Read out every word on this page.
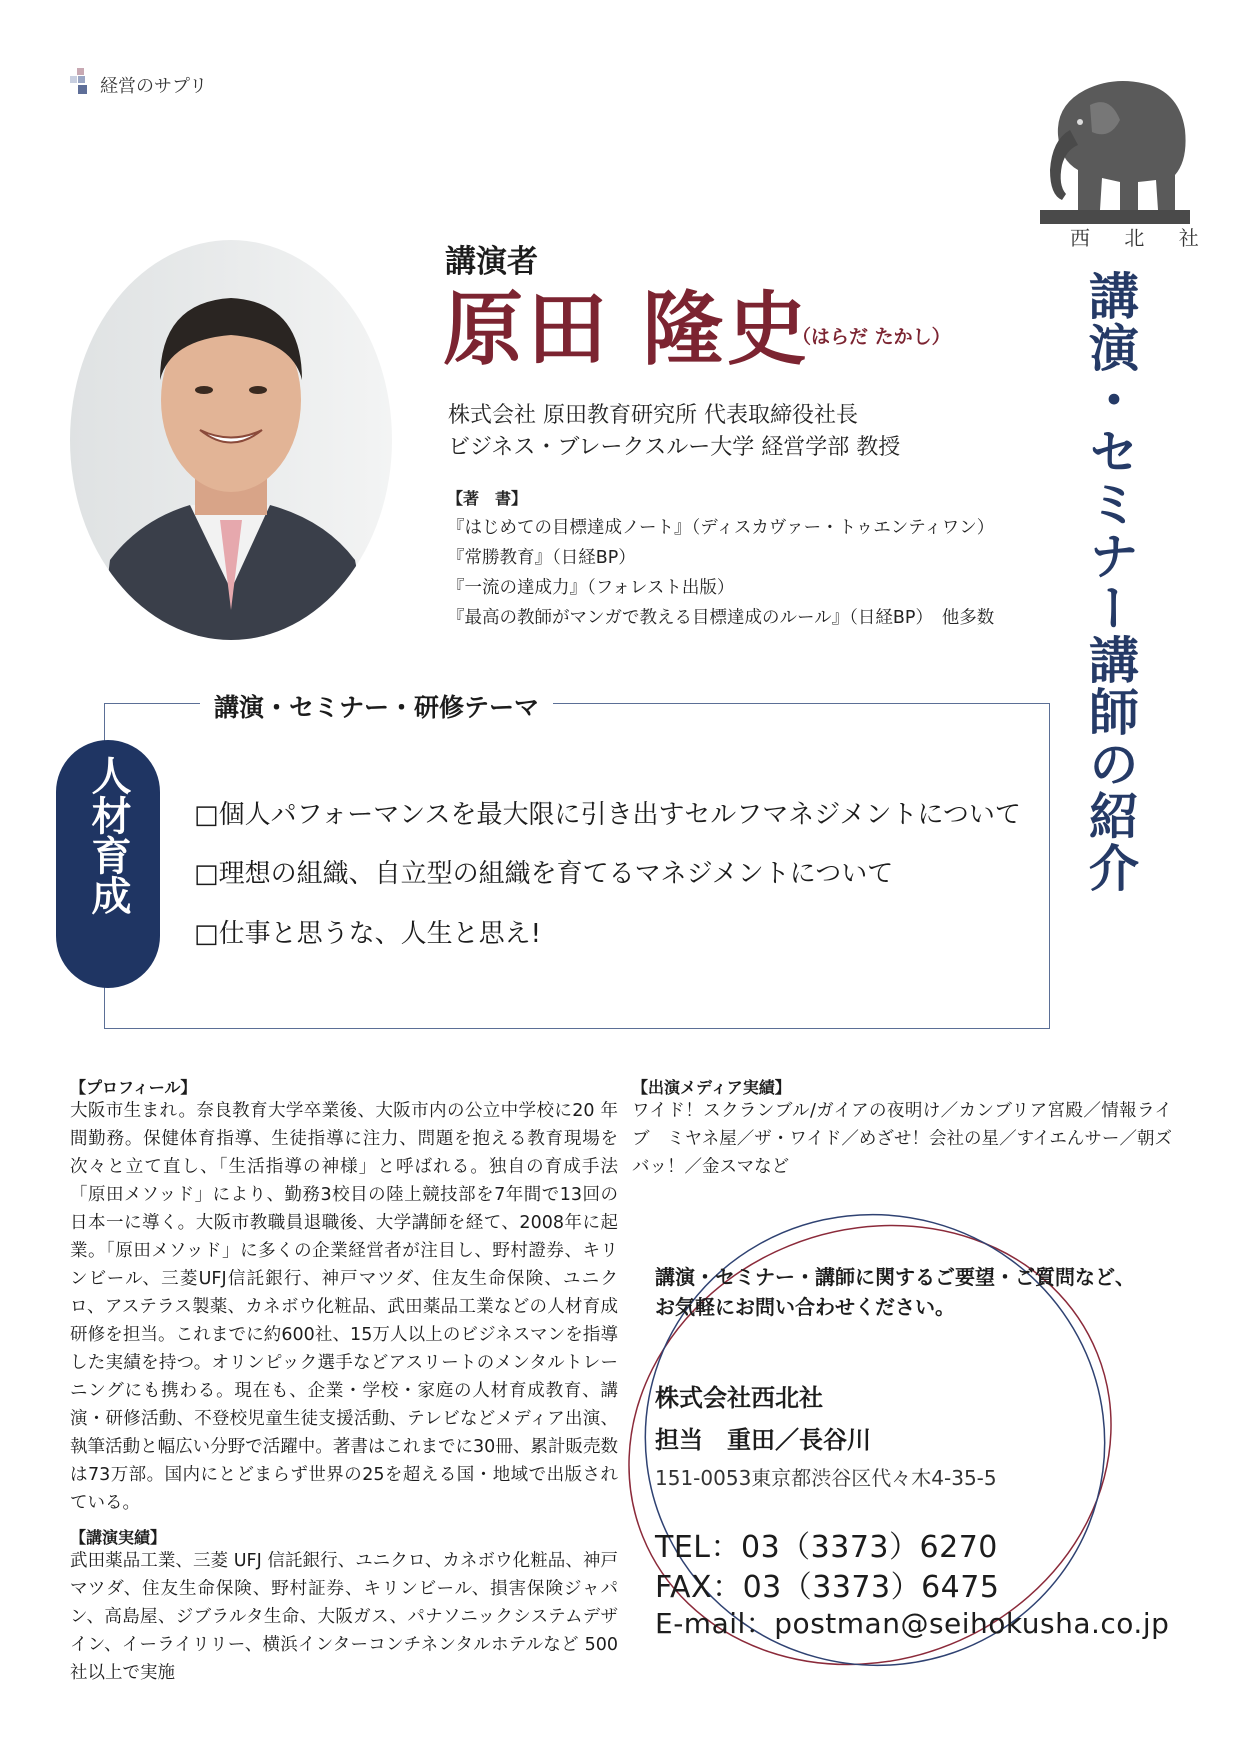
経営のサプリ
西 北 社
講演・セミナー講師の紹介
講演者
原田 隆史
（はらだ たかし）
株式会社 原田教育研究所 代表取締役社長
ビジネス・ブレークスルー大学 経営学部 教授
【著　書】
『はじめての目標達成ノート』（ディスカヴァー・トゥエンティワン）
『常勝教育』（日経BP）
『一流の達成力』（フォレスト出版）
『最高の教師がマンガで教える目標達成のルール』（日経BP）　他多数
講演・セミナー・研修テーマ
人材育成	□個人パフォーマンスを最大限に引き出すセルフマネジメントについて
□理想の組織、自立型の組織を育てるマネジメントについて
□仕事と思うな、人生と思え!
【プロフィール】
大阪市生まれ。奈良教育大学卒業後、大阪市内の公立中学校に20 年間勤務。保健体育指導、生徒指導に注力、問題を抱える教育現場を次々と立て直し、「生活指導の神様」と呼ばれる。独自の育成手法「原田メソッド」により、勤務3校目の陸上競技部を7年間で13回の日本一に導く。大阪市教職員退職後、大学講師を経て、2008年に起業。「原田メソッド」に多くの企業経営者が注目し、野村證券、キリンビール、三菱UFJ信託銀行、神戸マツダ、住友生命保険、ユニクロ、アステラス製薬、カネボウ化粧品、武田薬品工業などの人材育成研修を担当。これまでに約600社、15万人以上のビジネスマンを指導した実績を持つ。オリンピック選手などアスリートのメンタルトレーニングにも携わる。現在も、企業・学校・家庭の人材育成教育、講演・研修活動、不登校児童生徒支援活動、テレビなどメディア出演、執筆活動と幅広い分野で活躍中。著書はこれまでに30冊、累計販売数は73万部。国内にとどまらず世界の25を超える国・地域で出版されている。
【講演実績】
武田薬品工業、三菱 UFJ 信託銀行、ユニクロ、カネボウ化粧品、神戸マツダ、住友生命保険、野村証券、キリンビール、損害保険ジャパン、高島屋、ジブラルタ生命、大阪ガス、パナソニックシステムデザイン、イーライリリー、横浜インターコンチネンタルホテルなど 500 社以上で実施
【出演メディア実績】
ワイド！スクランブル/ガイアの夜明け／カンブリア宮殿／情報ライブ　ミヤネ屋／ザ・ワイド／めざせ！会社の星／すイエんサー／朝ズバッ！／金スマなど
講演・セミナー・講師に関するご要望・ご質問など、
お気軽にお問い合わせください。
株式会社西北社
担当　重田／長谷川
151-0053東京都渋谷区代々木4-35-5
TEL：03（3373）6270
FAX：03（3373）6475
E-mail：postman@seihokusha.co.jp
